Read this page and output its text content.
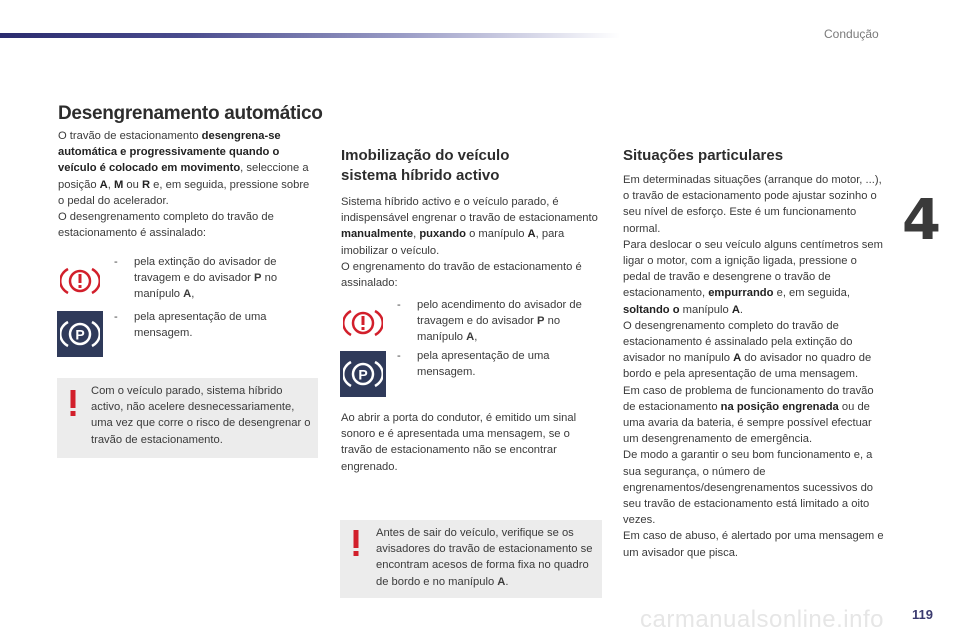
Condução
4
Desengrenamento automático
O travão de estacionamento desengrena-se automática e progressivamente quando o veículo é colocado em movimento, seleccione a posição A, M ou R e, em seguida, pressione sobre o pedal do acelerador.
O desengrenamento completo do travão de estacionamento é assinalado:
- pela extinção do avisador de travagem e do avisador P no manípulo A,
P
- pela apresentação de uma mensagem.
Com o veículo parado, sistema híbrido activo, não acelere desnecessariamente, uma vez que corre o risco de desengrenar o travão de estacionamento.
Imobilização do veículo sistema híbrido activo
Sistema híbrido activo e o veículo parado, é indispensável engrenar o travão de estacionamento manualmente, puxando o manípulo A, para imobilizar o veículo.
O engrenamento do travão de estacionamento é assinalado:
- pelo acendimento do avisador de travagem e do avisador P no manípulo A,
P
- pela apresentação de uma mensagem.
Ao abrir a porta do condutor, é emitido um sinal sonoro e é apresentada uma mensagem, se o travão de estacionamento não se encontrar engrenado.
Antes de sair do veículo, verifique se os avisadores do travão de estacionamento se encontram acesos de forma fixa no quadro de bordo e no manípulo A.
Situações particulares
Em determinadas situações (arranque do motor, ...), o travão de estacionamento pode ajustar sozinho o seu nível de esforço. Este é um funcionamento normal.
Para deslocar o seu veículo alguns centímetros sem ligar o motor, com a ignição ligada, pressione o pedal de travão e desengrene o travão de estacionamento, empurrando e, em seguida, soltando o manípulo A.
O desengrenamento completo do travão de estacionamento é assinalado pela extinção do avisador no manípulo A do avisador no quadro de bordo e pela apresentação de uma mensagem.
Em caso de problema de funcionamento do travão de estacionamento na posição engrenada ou de uma avaria da bateria, é sempre possível efectuar um desengrenamento de emergência.
De modo a garantir o seu bom funcionamento e, a sua segurança, o número de engrenamentos/desengrenamentos sucessivos do seu travão de estacionamento está limitado a oito vezes.
Em caso de abuso, é alertado por uma mensagem e um avisador que pisca.
119
carmanualsonline.info
